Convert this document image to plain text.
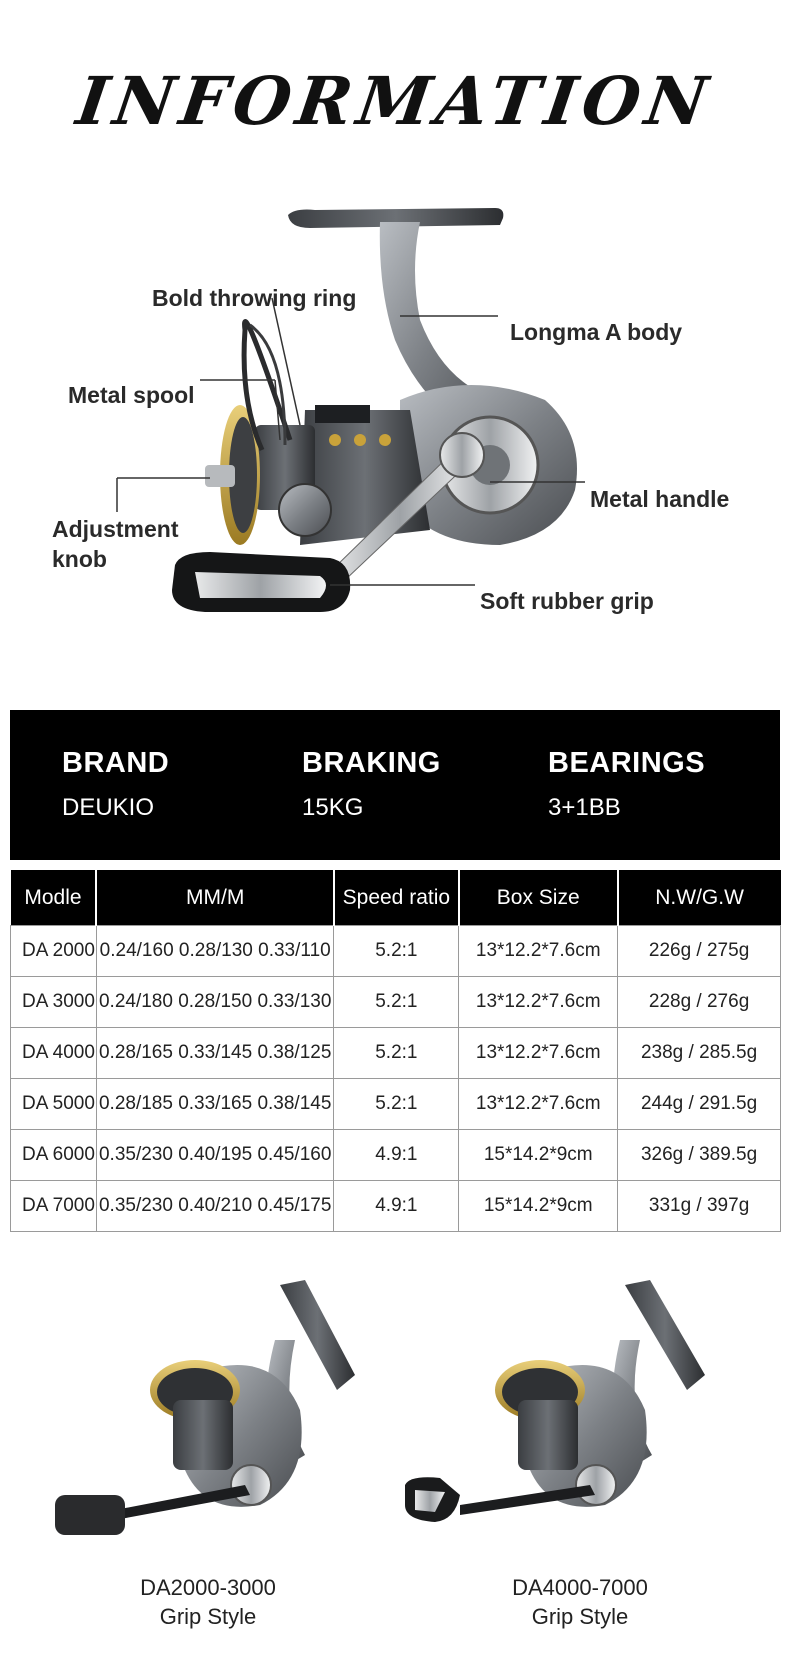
INFORMATION
Bold throwing ring
Longma A body
Metal spool
Metal handle
Adjustment knob
Soft rubber grip
BRAND
DEUKIO
BRAKING
15KG
BEARINGS
3+1BB
Modle	MM/M	Speed ratio	Box Size	N.W/G.W
DA 2000	0.24/160 0.28/130 0.33/110	5.2:1	13*12.2*7.6cm	226g / 275g
DA 3000	0.24/180 0.28/150 0.33/130	5.2:1	13*12.2*7.6cm	228g / 276g
DA 4000	0.28/165 0.33/145 0.38/125	5.2:1	13*12.2*7.6cm	238g / 285.5g
DA 5000	0.28/185 0.33/165 0.38/145	5.2:1	13*12.2*7.6cm	244g / 291.5g
DA 6000	0.35/230 0.40/195 0.45/160	4.9:1	15*14.2*9cm	326g / 389.5g
DA 7000	0.35/230 0.40/210 0.45/175	4.9:1	15*14.2*9cm	331g / 397g
DA2000-3000
Grip Style
DA4000-7000
Grip Style
